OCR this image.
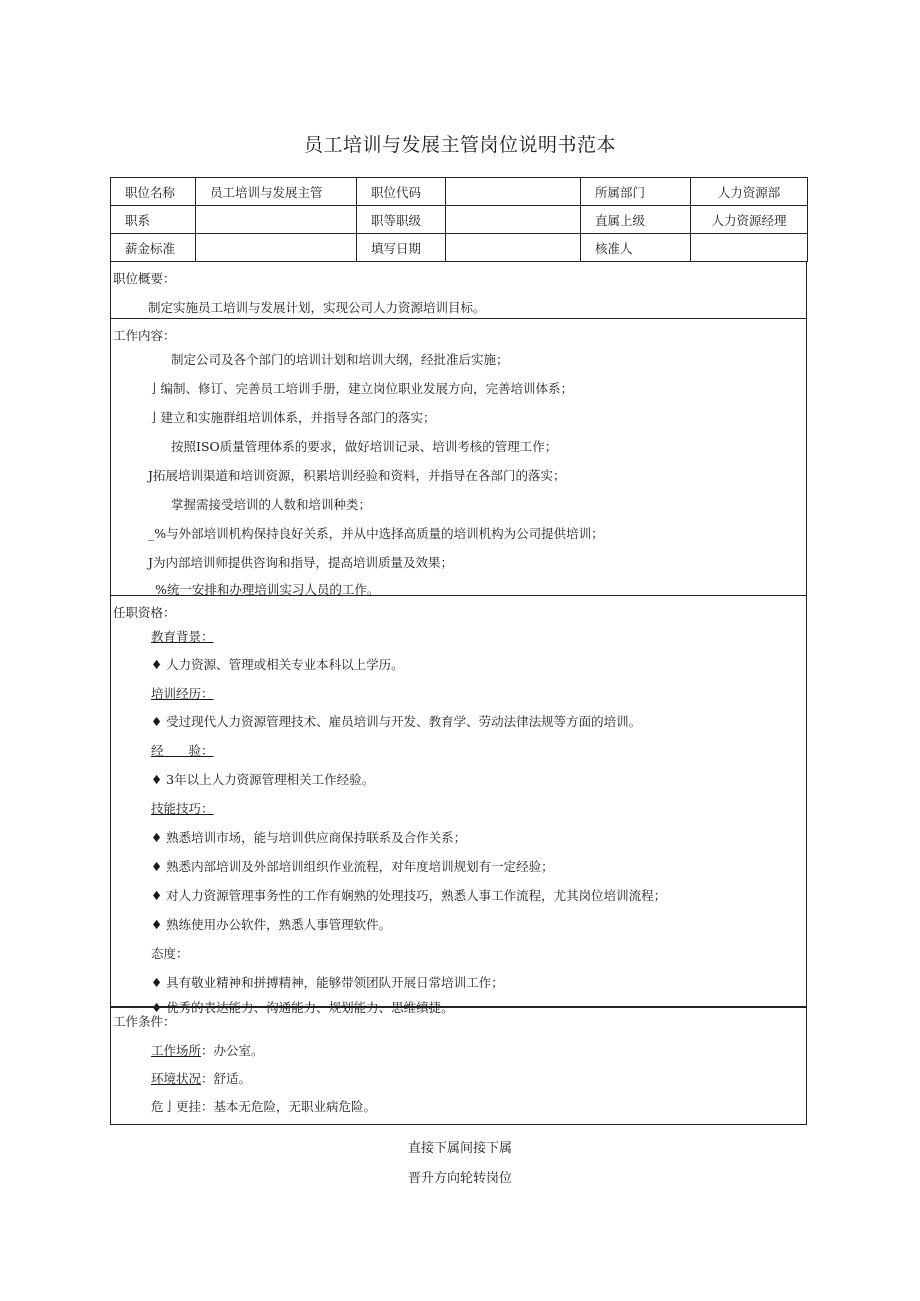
员工培训与发展主管岗位说明书范本
职位名称	员工培训与发展主管	职位代码		所属部门	人力资源部
职系		职等职级		直属上级	人力资源经理
薪金标准		填写日期		核准人	
职位概要：
制定实施员工培训与发展计划，实现公司人力资源培训目标。
工作内容：
制定公司及各个部门的培训计划和培训大纲，经批准后实施；
亅编制、修订、完善员工培训手册，建立岗位职业发展方向，完善培训体系；
亅建立和实施群组培训体系，并指导各部门的落实；
按照ISO质量管理体系的要求，做好培训记录、培训考核的管理工作；
J拓展培训渠道和培训资源，积累培训经验和资料，并指导在各部门的落实；
掌握需接受培训的人数和培训种类；
_%与外部培训机构保持良好关系，并从中选择高质量的培训机构为公司提供培训；
J为内部培训师提供咨询和指导，提高培训质量及效果；
%统一安排和办理培训实习人员的工作。
任职资格：
教育背景：
♦ 人力资源、管理或相关专业本科以上学历。
培训经历：
♦ 受过现代人力资源管理技术、雇员培训与开发、教育学、劳动法律法规等方面的培训。
经　　验：
♦ 3年以上人力资源管理相关工作经验。
技能技巧：
♦ 熟悉培训市场，能与培训供应商保持联系及合作关系；
♦ 熟悉内部培训及外部培训组织作业流程，对年度培训规划有一定经验；
♦ 对人力资源管理事务性的工作有娴熟的处理技巧，熟悉人事工作流程，尤其岗位培训流程；
♦ 熟练使用办公软件，熟悉人事管理软件。
态度：
♦ 具有敬业精神和拼搏精神，能够带领团队开展日常培训工作；
♦ 优秀的表达能力、沟通能力、规划能力、思维缜捷。
工作条件：
工作场所：办公室。
环境状况：舒适。
危亅更挂：基本无危险，无职业病危险。
直接下属间接下属
晋升方向轮转岗位
